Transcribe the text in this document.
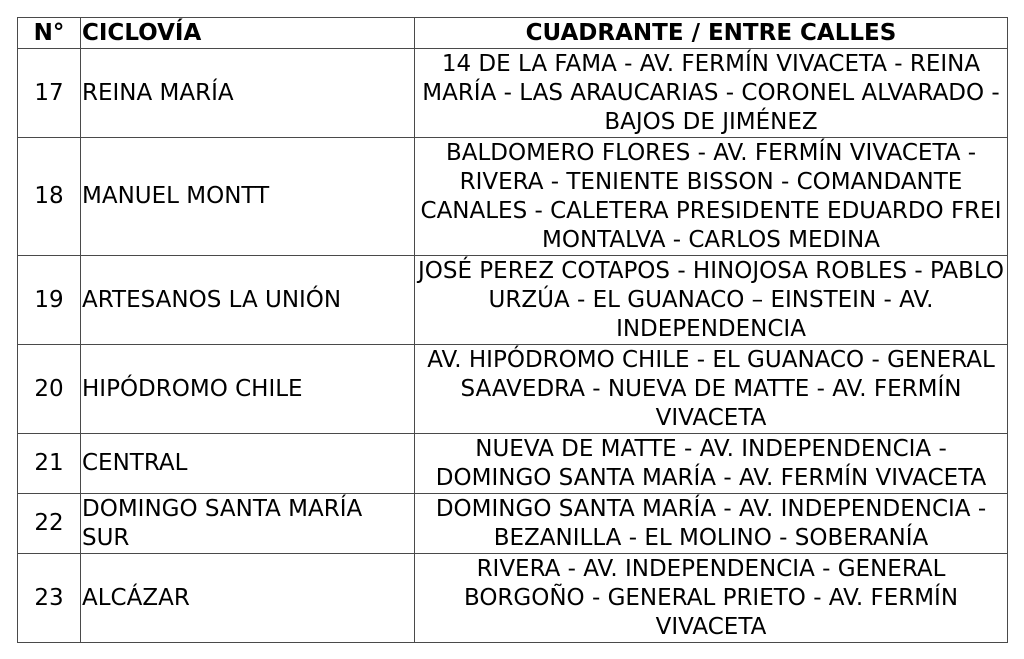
N°	CICLOVÍA	CUADRANTE / ENTRE CALLES
17	REINA MARÍA	14 DE LA FAMA - AV. FERMÍN VIVACETA - REINA MARÍA - LAS ARAUCARIAS - CORONEL ALVARADO - BAJOS DE JIMÉNEZ
18	MANUEL MONTT	BALDOMERO FLORES - AV. FERMÍN VIVACETA - RIVERA - TENIENTE BISSON - COMANDANTE CANALES - CALETERA PRESIDENTE EDUARDO FREI MONTALVA - CARLOS MEDINA
19	ARTESANOS LA UNIÓN	JOSÉ PEREZ COTAPOS - HINOJOSA ROBLES - PABLO URZÚA - EL GUANACO – EINSTEIN - AV. INDEPENDENCIA
20	HIPÓDROMO CHILE	AV. HIPÓDROMO CHILE - EL GUANACO - GENERAL SAAVEDRA - NUEVA DE MATTE - AV. FERMÍN VIVACETA
21	CENTRAL	NUEVA DE MATTE - AV. INDEPENDENCIA - DOMINGO SANTA MARÍA - AV. FERMÍN VIVACETA
22	DOMINGO SANTA MARÍA SUR	DOMINGO SANTA MARÍA - AV. INDEPENDENCIA - BEZANILLA - EL MOLINO - SOBERANÍA
23	ALCÁZAR	RIVERA - AV. INDEPENDENCIA - GENERAL BORGOÑO - GENERAL PRIETO - AV. FERMÍN VIVACETA
